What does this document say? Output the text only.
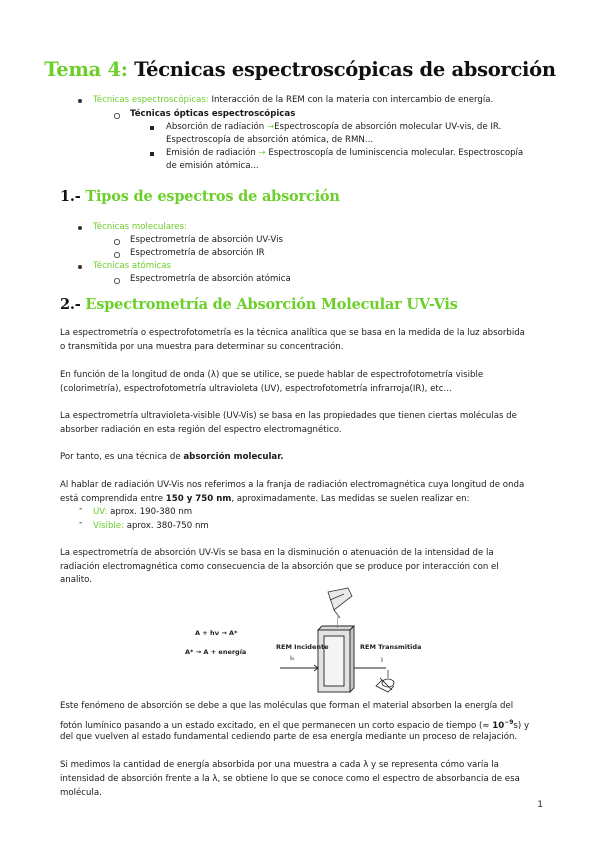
Tema 4: Técnicas espectroscópicas de absorción
Técnicas espectroscópicas: Interacción de la REM con la materia con intercambio de energía.
Técnicas ópticas espectroscópicas
Absorción de radiación →Espectroscopía de absorción molecular UV-vis, de IR.
Espectroscopía de absorción atómica, de RMN...
Emisión de radiación → Espectroscopía de luminiscencia molecular. Espectroscopía
de emisión atómica...
1.- Tipos de espectros de absorción
Técnicas moleculares:
Espectrometría de absorción UV-Vis
Espectrometría de absorción IR
Técnicas atómicas
Espectrometría de absorción atómica
2.- Espectrometría de Absorción Molecular UV-Vis
La espectrometría o espectrofotometría es la técnica analítica que se basa en la medida de la luz absorbida
o transmitida por una muestra para determinar su concentración.
En función de la longitud de onda (λ) que se utilice, se puede hablar de espectrofotometría visible
(colorimetría), espectrofotometría ultravioleta (UV), espectrofotometría infrarroja(IR), etc...
La espectrometría ultravioleta-visible (UV-Vis) se basa en las propiedades que tienen ciertas moléculas de
absorber radiación en esta región del espectro electromagnético.
Por tanto, es una técnica de absorción molecular.
Al hablar de radiación UV-Vis nos referimos a la franja de radiación electromagnética cuya longitud de onda
está comprendida entre 150 y 750 nm, aproximadamente. Las medidas se suelen realizar en:
- UV: aprox. 190-380 nm
- Visible: aprox. 380-750 nm
La espectrometría de absorción UV-Vis se basa en la disminución o atenuación de la intensidad de la
radiación electromagnética como consecuencia de la absorción que se produce por interacción con el
analito.
A + hν → A*
A* → A + energía
REM Incidente
I₀
REM Transmitida
I
Este fenómeno de absorción se debe a que las moléculas que forman el material absorben la energía del
fotón lumínico pasando a un estado excitado, en el que permanecen un corto espacio de tiempo (≈ $10^{-9}s$) y
del que vuelven al estado fundamental cediendo parte de esa energía mediante un proceso de relajación.
Si medimos la cantidad de energía absorbida por una muestra a cada λ y se representa cómo varía la
intensidad de absorción frente a la λ, se obtiene lo que se conoce como el espectro de absorbancia de esa
molécula.
1
